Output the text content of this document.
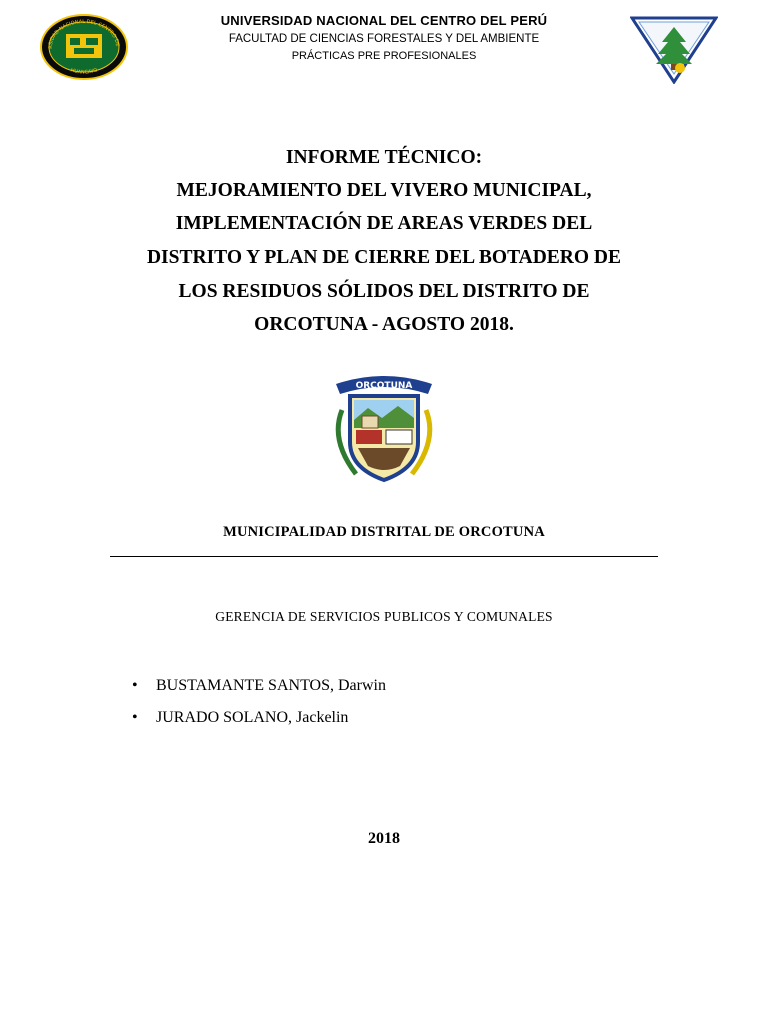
RSIDAD NACIONAL DEL CENTRO DE
HUANCAYO
UNIVERSIDAD NACIONAL DEL CENTRO DEL PERÚ
FACULTAD DE CIENCIAS FORESTALES Y DEL AMBIENTE
PRÁCTICAS PRE PROFESIONALES
INFORME TÉCNICO:
MEJORAMIENTO DEL VIVERO MUNICIPAL,
IMPLEMENTACIÓN DE AREAS VERDES DEL
DISTRITO Y PLAN DE CIERRE DEL BOTADERO DE
LOS RESIDUOS SÓLIDOS DEL DISTRITO DE
ORCOTUNA - AGOSTO 2018.
ORCOTUNA
MUNICIPALIDAD DISTRITAL DE ORCOTUNA
GERENCIA DE SERVICIOS PUBLICOS Y COMUNALES
• BUSTAMANTE SANTOS, Darwin
• JURADO SOLANO, Jackelin
2018
